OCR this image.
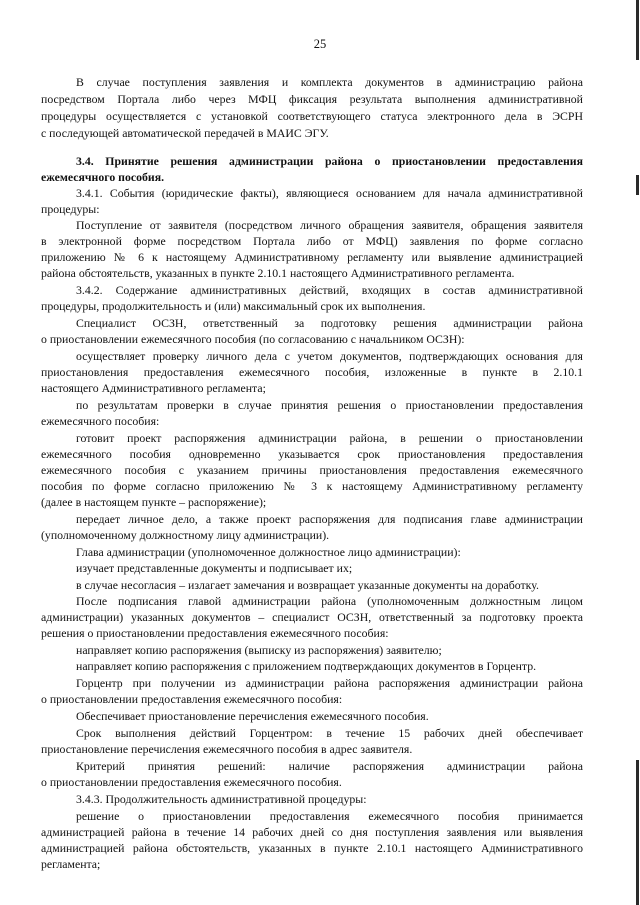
25

В случае поступления заявления и комплекта документов в администрацию района

посредством Портала либо через МФЦ фиксация результата выполнения административной

процедуры осуществляется с установкой соответствующего статуса электронного дела в ЭСРН

с последующей автоматической передачей в МАИС ЭГУ.

3.4. Принятие решения администрации района о приостановлении предоставления

ежемесячного пособия.

3.4.1. События (юридические факты), являющиеся основанием для начала административной

процедуры:

Поступление от заявителя (посредством личного обращения заявителя, обращения заявителя

в электронной форме посредством Портала либо от МФЦ) заявления по форме согласно

приложению № 6 к настоящему Административному регламенту или выявление администрацией

района обстоятельств, указанных в пункте 2.10.1 настоящего Административного регламента.

3.4.2. Содержание административных действий, входящих в состав административной

процедуры, продолжительность и (или) максимальный срок их выполнения.

Специалист ОСЗН, ответственный за подготовку решения администрации района

о приостановлении ежемесячного пособия (по согласованию с начальником ОСЗН):

осуществляет проверку личного дела с учетом документов, подтверждающих основания для

приостановления предоставления ежемесячного пособия, изложенные в пункте в 2.10.1

настоящего Административного регламента;

по результатам проверки в случае принятия решения о приостановлении предоставления

ежемесячного пособия:

готовит проект распоряжения администрации района, в решении о приостановлении

ежемесячного пособия одновременно указывается срок приостановления предоставления

ежемесячного пособия с указанием причины приостановления предоставления ежемесячного

пособия по форме согласно приложению № 3 к настоящему Административному регламенту

(далее в настоящем пункте – распоряжение);

передает личное дело, а также проект распоряжения для подписания главе администрации

(уполномоченному должностному лицу администрации).

Глава администрации (уполномоченное должностное лицо администрации):

изучает представленные документы и подписывает их;

в случае несогласия – излагает замечания и возвращает указанные документы на доработку.

После подписания главой администрации района (уполномоченным должностным лицом

администрации) указанных документов – специалист ОСЗН, ответственный за подготовку проекта

решения о приостановлении предоставления ежемесячного пособия:

направляет копию распоряжения (выписку из распоряжения) заявителю;

направляет копию распоряжения с приложением подтверждающих документов в Горцентр.

Горцентр при получении из администрации района распоряжения администрации района

о приостановлении предоставления ежемесячного пособия:

Обеспечивает приостановление перечисления ежемесячного пособия.

Срок выполнения действий Горцентром: в течение 15 рабочих дней обеспечивает

приостановление перечисления ежемесячного пособия в адрес заявителя.

Критерий принятия решений: наличие распоряжения администрации района

о приостановлении предоставления ежемесячного пособия.

3.4.3. Продолжительность административной процедуры:

решение о приостановлении предоставления ежемесячного пособия принимается

администрацией района в течение 14 рабочих дней со дня поступления заявления или выявления

администрацией района обстоятельств, указанных в пункте 2.10.1 настоящего Административного

регламента;
